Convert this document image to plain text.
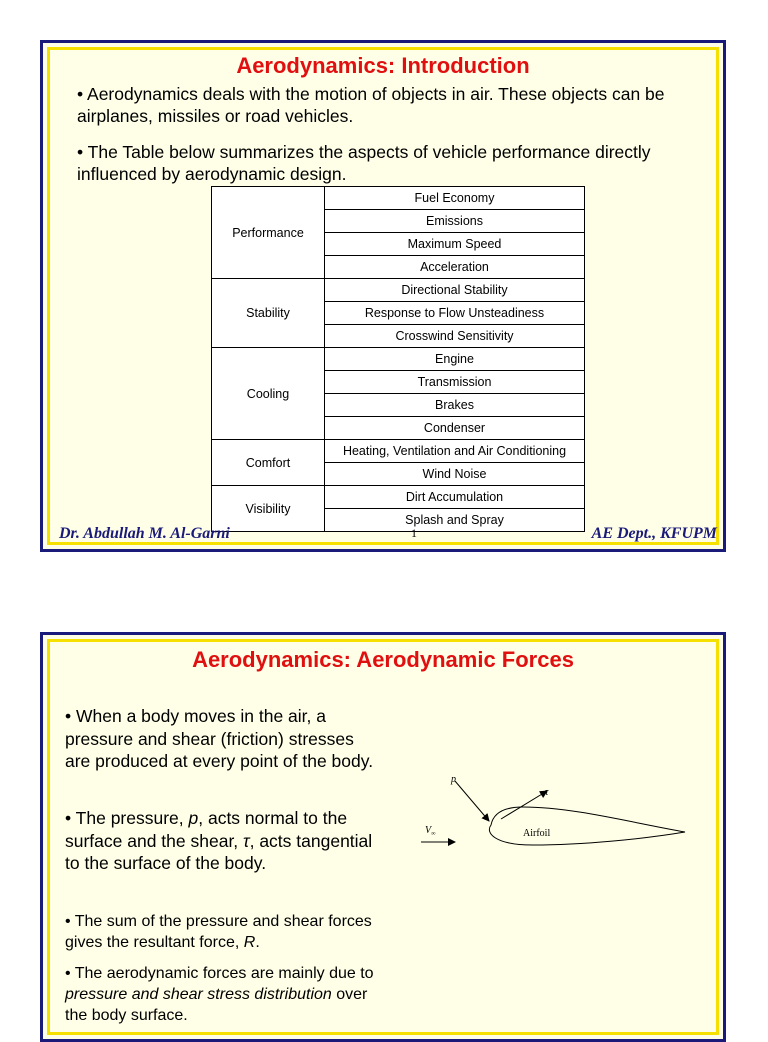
Aerodynamics: Introduction
• Aerodynamics deals with the motion of objects in air. These objects can be airplanes, missiles or road vehicles.
• The Table below summarizes the aspects of vehicle performance directly influenced by aerodynamic design.
Performance	Fuel Economy
	Emissions
	Maximum Speed
	Acceleration
Stability	Directional Stability
	Response to Flow Unsteadiness
	Crosswind Sensitivity
Cooling	Engine
	Transmission
	Brakes
	Condenser
Comfort	Heating, Ventilation and Air Conditioning
	Wind Noise
Visibility	Dirt Accumulation
	Splash and Spray
Dr. Abdullah M. Al-Garni	1	AE Dept., KFUPM
Aerodynamics: Aerodynamic Forces
• When a body moves in the air, a pressure and shear (friction) stresses are produced at every point of the body.
• The pressure, p, acts normal to the surface and the shear, τ, acts tangential to the surface of the body.
• The sum of the pressure and shear forces gives the resultant force, R.
• The aerodynamic forces are mainly due to pressure and shear stress distribution over the body surface.
p
τ
$V_\infty$	Airfoil
